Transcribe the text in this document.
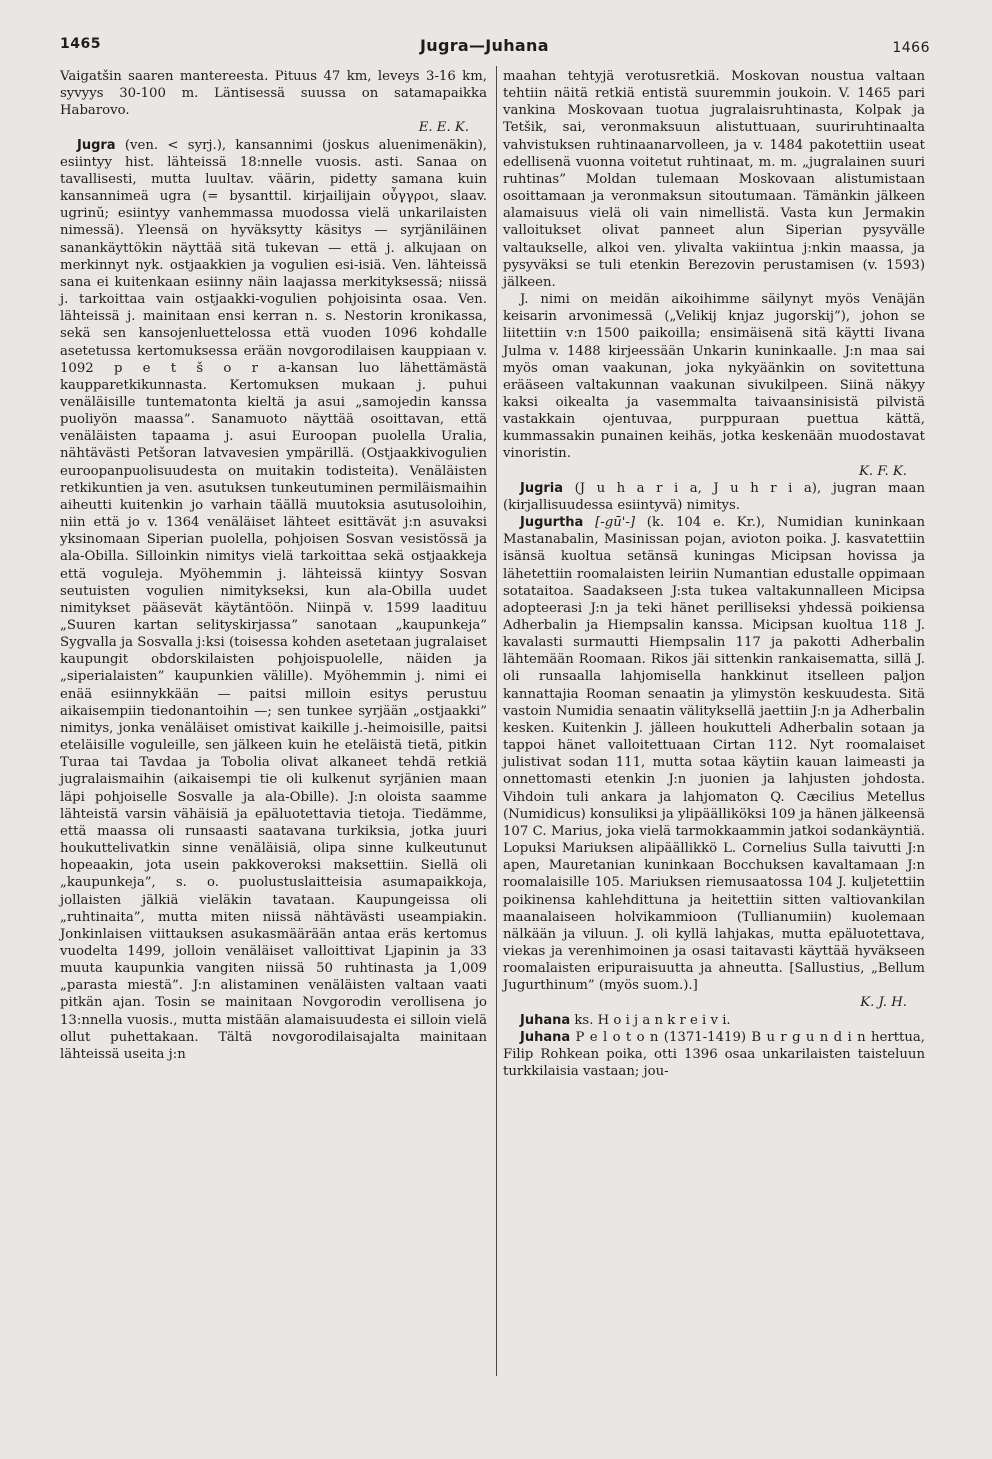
1465	Jugra—Juhana	1466

Vaigatšin saaren mantereesta. Pituus 47 km, leveys 3-16 km, syvyys 30-100 m. Läntisessä suussa on satamapaikka Habarovo.

E. E. K.

Jugra (ven. < syrj.), kansannimi (joskus aluenimenäkin), esiintyy hist. lähteissä 18:nnelle vuosis. asti. Sanaa on tavallisesti, mutta luultav. väärin, pidetty samana kuin kansannimeä ugra (= bysanttil. kirjailijain οὖγγροι, slaav. ugrinŭ; esiintyy vanhemmassa muodossa vielä unkarilaisten nimessä). Yleensä on hyväksytty käsitys — syrjäniläinen sanankäyttökin näyttää sitä tukevan — että j. alkujaan on merkinnyt nyk. ostjaakkien ja vogulien esi-isiä. Ven. lähteissä sana ei kuitenkaan esiinny näin laajassa merkityksessä; niissä j. tarkoittaa vain ostjaakki-vogulien pohjoisinta osaa. Ven. lähteissä j. mainitaan ensi kerran n. s. Nestorin kronikassa, sekä sen kansojenluettelossa että vuoden 1096 kohdalle asetetussa kertomuksessa erään novgorodilaisen kauppiaan v. 1092 p e t š o r a-kansan luo lähettämästä kaupparetkikunnasta. Kertomuksen mukaan j. puhui venäläisille tuntematonta kieltä ja asui „samojedin kanssa puoliyön maassa”. Sanamuoto näyttää osoittavan, että venäläisten tapaama j. asui Euroopan puolella Uralia, nähtävästi Petšoran latvavesien ympärillä. (Ostjaakkivogulien euroopanpuolisuudesta on muitakin todisteita). Venäläisten retkikuntien ja ven. asutuksen tunkeutuminen permiläismaihin aiheutti kuitenkin jo varhain täällä muutoksia asutusoloihin, niin että jo v. 1364 venäläiset lähteet esittävät j:n asuvaksi yksinomaan Siperian puolella, pohjoisen Sosvan vesistössä ja ala-Obilla. Silloinkin nimitys vielä tarkoittaa sekä ostjaakkeja että voguleja. Myöhemmin j. lähteissä kiintyy Sosvan seutuisten vogulien nimitykseksi, kun ala-Obilla uudet nimitykset pääsevät käytäntöön. Niinpä v. 1599 laadituu „Suuren kartan selityskirjassa” sanotaan „kaupunkeja” Sygvalla ja Sosvalla j:ksi (toisessa kohden asetetaan jugralaiset kaupungit obdorskilaisten pohjoispuolelle, näiden ja „siperialaisten” kaupunkien välille). Myöhemmin j. nimi ei enää esiinnykkään — paitsi milloin esitys perustuu aikaisempiin tiedonantoihin —; sen tunkee syrjään „ostjaakki” nimitys, jonka venäläiset omistivat kaikille j.-heimoisille, paitsi eteläisille voguleille, sen jälkeen kuin he eteläistä tietä, pitkin Turaa tai Tavdaa ja Tobolia olivat alkaneet tehdä retkiä jugralaismaihin (aikaisempi tie oli kulkenut syrjänien maan läpi pohjoiselle Sosvalle ja ala-Obille). J:n oloista saamme lähteistä varsin vähäisiä ja epäluotettavia tietoja. Tiedämme, että maassa oli runsaasti saatavana turkiksia, jotka juuri houkuttelivatkin sinne venäläisiä, olipa sinne kulkeutunut hopeaakin, jota usein pakkoveroksi maksettiin. Siellä oli „kaupunkeja”, s. o. puolustuslaitteisia asumapaikkoja, jollaisten jälkiä vieläkin tavataan. Kaupungeissa oli „ruhtinaita”, mutta miten niissä nähtävästi useampiakin. Jonkinlaisen viittauksen asukasmäärään antaa eräs kertomus vuodelta 1499, jolloin venäläiset valloittivat Ljapinin ja 33 muuta kaupunkia vangiten niissä 50 ruhtinasta ja 1,009 „parasta miestä”. J:n alistaminen venäläisten valtaan vaati pitkän ajan. Tosin se mainitaan Novgorodin verollisena jo 13:nnella vuosis., mutta mistään alamaisuudesta ei silloin vielä ollut puhettakaan. Tältä novgorodilaisajalta mainitaan lähteissä useita j:n

maahan tehtyjä verotusretkiä. Moskovan noustua valtaan tehtiin näitä retkiä entistä suuremmin joukoin. V. 1465 pari vankina Moskovaan tuotua jugralaisruhtinasta, Kolpak ja Tetšik, sai, veronmaksuun alistuttuaan, suuriruhtinaalta vahvistuksen ruhtinaanarvolleen, ja v. 1484 pakotettiin useat edellisenä vuonna voitetut ruhtinaat, m. m. „jugralainen suuri ruhtinas” Moldan tulemaan Moskovaan alistumistaan osoittamaan ja veronmaksun sitoutumaan. Tämänkin jälkeen alamaisuus vielä oli vain nimellistä. Vasta kun Jermakin valloitukset olivat panneet alun Siperian pysyvälle valtaukselle, alkoi ven. ylivalta vakiintua j:nkin maassa, ja pysyväksi se tuli etenkin Berezovin perustamisen (v. 1593) jälkeen.

J. nimi on meidän aikoihimme säilynyt myös Venäjän keisarin arvonimessä („Velikij knjaz jugorskij”), johon se liitettiin v:n 1500 paikoilla; ensimäisenä sitä käytti Iivana Julma v. 1488 kirjeessään Unkarin kuninkaalle. J:n maa sai myös oman vaakunan, joka nykyäänkin on sovitettuna erääseen valtakunnan vaakunan sivukilpeen. Siinä näkyy kaksi oikealta ja vasemmalta taivaansinisistä pilvistä vastakkain ojentuvaa, purppuraan puettua kättä, kummassakin punainen keihäs, jotka keskenään muodostavat vinoristin.

K. F. K.

Jugria (J u h a r i a, J u h r i a), jugran maan (kirjallisuudessa esiintyvä) nimitys.

Jugurtha [-gū'-] (k. 104 e. Kr.), Numidian kuninkaan Mastanabalin, Masinissan pojan, avioton poika. J. kasvatettiin isänsä kuoltua setänsä kuningas Micipsan hovissa ja lähetettiin roomalaisten leiriin Numantian edustalle oppimaan sotataitoa. Saadakseen J:sta tukea valtakunnalleen Micipsa adopteerasi J:n ja teki hänet perilliseksi yhdessä poikiensa Adherbalin ja Hiempsalin kanssa. Micipsan kuoltua 118 J. kavalasti surmautti Hiempsalin 117 ja pakotti Adherbalin lähtemään Roomaan. Rikos jäi sittenkin rankaisematta, sillä J. oli runsaalla lahjomisella hankkinut itselleen paljon kannattajia Rooman senaatin ja ylimystön keskuudesta. Sitä vastoin Numidia senaatin välityksellä jaettiin J:n ja Adherbalin kesken. Kuitenkin J. jälleen houkutteli Adherbalin sotaan ja tappoi hänet valloitettuaan Cirtan 112. Nyt roomalaiset julistivat sodan 111, mutta sotaa käytiin kauan laimeasti ja onnettomasti etenkin J:n juonien ja lahjusten johdosta. Vihdoin tuli ankara ja lahjomaton Q. Cæcilius Metellus (Numidicus) konsuliksi ja ylipäälliköksi 109 ja hänen jälkeensä 107 C. Marius, joka vielä tarmokkaammin jatkoi sodankäyntiä. Lopuksi Mariuksen alipäällikkö L. Cornelius Sulla taivutti J:n apen, Mauretanian kuninkaan Bocchuksen kavaltamaan J:n roomalaisille 105. Mariuksen riemusaatossa 104 J. kuljetettiin poikinensa kahlehdittuna ja heitettiin sitten valtiovankilan maanalaiseen holvikammioon (Tullianumiin) kuolemaan nälkään ja viluun. J. oli kyllä lahjakas, mutta epäluotettava, viekas ja verenhimoinen ja osasi taitavasti käyttää hyväkseen roomalaisten eripuraisuutta ja ahneutta. [Sallustius, „Bellum Jugurthinum” (myös suom.).]

K. J. H.

Juhana ks. H o i j a n k r e i v i.

Juhana P e l o t o n (1371-1419) B u r g u n d i n herttua, Filip Rohkean poika, otti 1396 osaa unkarilaisten taisteluun turkkilaisia vastaan; jou-
